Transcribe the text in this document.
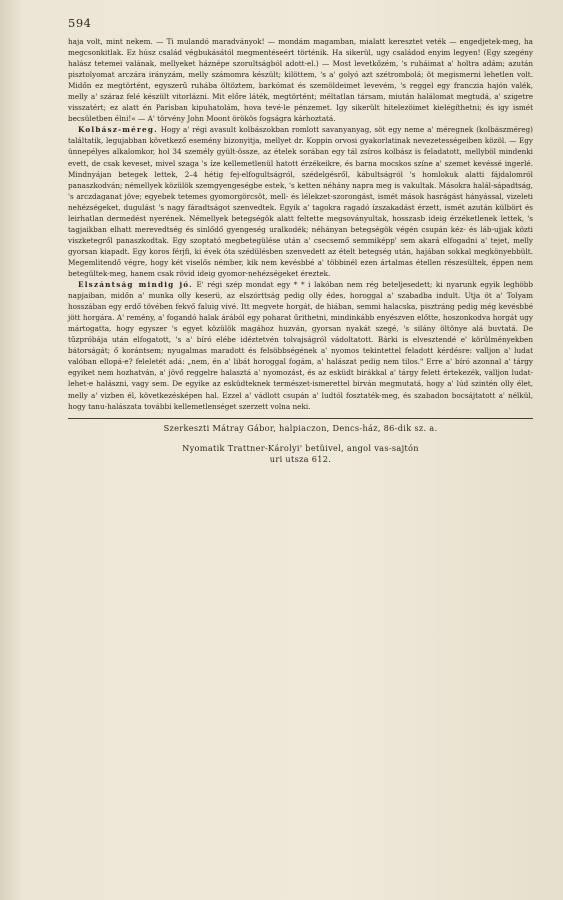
594

haja volt, mint nekem. — Ti mulandó maradványok! — mondám magamban, mialatt keresztet veték — engedjetek-meg, ha megcsonkitlak. Ez húsz család végbukásától megmentéseért történik. Ha sikerül, ugy családod enyim legyen! (Egy szegény halász tetemei valának, mellyeket háznépe szorultságból adott-el.) — Most levetkőzém, 's ruháimat a' holtra adám; azután pisztolyomat arczára irányzám, melly számomra készült; kilöttem, 's a' golyó azt szétrombolá; öt megismerni lehetlen volt. Midőn ez megtörtént, egyszerű ruhába öltöztem, barkómat és szemöldeimet levevém, 's reggel egy franczia hajón valék, melly a' száraz felé készült vitorlázni. Mit előre láték, megtörtént; méltatlan társam, miután halálomat megtudá, a' szigetre visszatért; ez alatt én Parisban kipuhatolám, hova tevé-le pénzemet. Igy sikerült hitelezöimet kielégíthetni; és igy ismét becsületben élni!« — A' törvény John Moont örökös fogságra kárhoztatá.

Kolbász-méreg. Hogy a' régi avasult kolbászokban romlott savanyanyag, söt egy neme a' méregnek (kolbászméreg) találtatik, legujabban következő esemény bizonyitja, mellyet dr. Koppin orvosi gyakorlatinak nevezetességeiben közöl. — Egy ünnepélyes alkalomkor, hol 34 személy gyült-össze, az ételek sorában egy tál zsíros kolbász is feladatott, mellyböl mindenki evett, de csak keveset, mivel szaga 's íze kellemetlenül hatott érzékeikre, és barna mocskos színe a' szemet kevéssé ingerlé. Mindnyájan betegek lettek, 2–4 hétig fej-elfogultságról, szédelgésről, kábultságról 's homlokuk alatti fájdalomról panaszkodván; némellyek közülök szemgyengeségbe estek, 's ketten néhány napra meg is vakultak. Másokra halál-sápadtság, 's arczdaganat jöve; egyebek tetemes gyomorgörcsöt, mell- és lélekzet-szorongást, ismét mások hasrágást hányással, vizeleti nehézségeket, dugulást 's nagy fáradtságot szenvedtek. Egyik a' tagokra ragadó ízszakadást érzett, ismét azután külbört és leirhatlan dermedést nyerének. Némellyek betegségök alatt feltette megsoványultak, hosszasb ideig érzéketlenek lettek, 's tagjaikban elhatt merevedtség és sinlődő gyengeség uralkodék; néhányan betegségök végén csupán kéz- és láb-ujjak közti viszketegről panaszkodtak. Egy szoptató megbetegülése után a' csecsemő semmiképp' sem akará elfogadni a' tejet, melly gyorsan kiapadt. Egy koros férjfi, ki évek óta szédülésben szenvedett az ételt betegség után, hajában sokkal megkönyebbült. Megemlitendő végre, hogy két viselős némber, kik nem kevésbbé a' többinél ezen ártalmas étellen részesültek, éppen nem betegültek-meg, hanem csak rövid ideig gyomor-nehézségeket éreztek.

Elszántság mindig jó. E' régi szép mondat egy * * i lakóban nem rég beteljesedett; ki nyarunk egyik leghöbb napjaiban, midőn a' munka olly keserü, az elszórttság pedig olly édes, horoggal a' szabadba indult. Utja öt a' Tolyam hosszában egy erdő tövében fekvő faluig vivé. Itt megvete horgát, de hiában, semmi halacska, pisztráng pedig még kevésbbé jött horgára. A' remény, a' fogandó halak árából egy poharat űrithetni, mindinkább enyészven előtte, hoszonkodva horgát ugy mártogatta, hogy egyszer 's egyet közülök magához huzván, gyorsan nyakát szegé, 's silány öltönye alá buvtatá. De tűzpróbája után elfogatott, 's a' bíró elébe idéztetvén tolvajságról vádoltatott. Bárki is elvesztendé e' körülményekben bátorságát; ő korántsem; nyugalmas maradott és felsöbbségének a' nyomos tekintettel feladott kérdésre: valljon a' ludat valóban ellopá-e? feleletét adá: „nem, én a' libát horoggal fogám, a' halászat pedig nem tilos." Erre a' bíró azonnal a' tárgy egyiket nem hozhatván, a' jövő reggelre halasztá a' nyomozást, és az esküdt birákkal a' tárgy felett értekezék, valljon ludat-lehet-e halászni, vagy sem. De egyike az esküdteknek természet-ismerettel birván megmutatá, hogy a' lúd szintén olly élet, melly a' vizben él, következésképen hal. Ezzel a' vádlott csupán a' ludtól fosztaték-meg, és szabadon bocsájtatott a' nélkül, hogy tanu-halászata további kellemetlenséget szerzett volna neki.

Szerkeszti Mátray Gábor, halpiaczon, Dencs-ház, 86-dik sz. a.
Nyomatik Trattner-Károlyi' betüivel, angol vas-sajtón
uri utsza 612.
